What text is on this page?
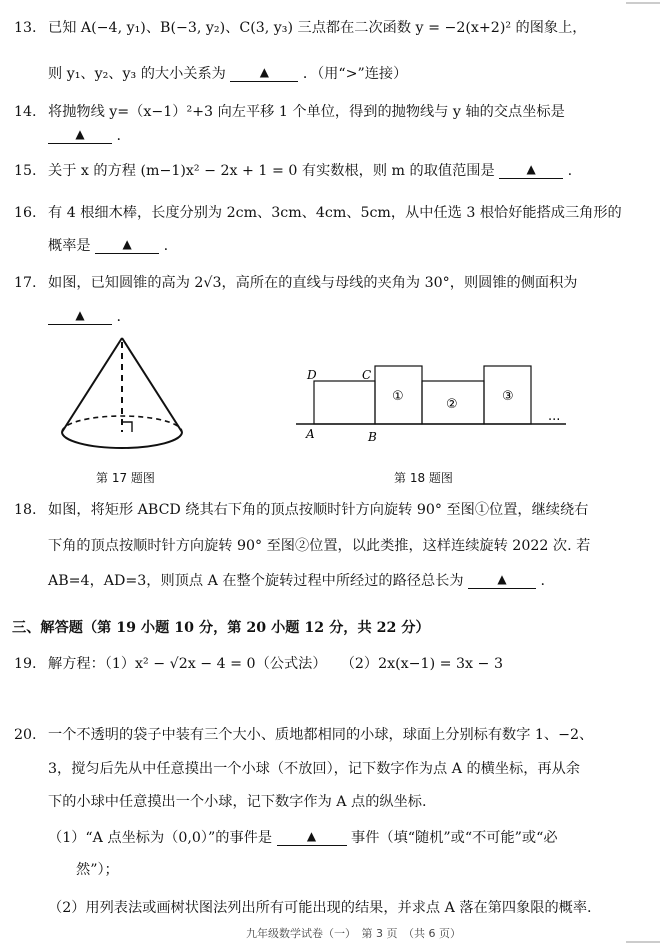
13. 已知 A(−4, y₁)、B(−3, y₂)、C(3, y₃) 三点都在二次函数 y = −2(x+2)² 的图象上，
则 y₁、y₂、y₃ 的大小关系为	▲ ．（用“>”连接）
14. 将抛物线 y=（x−1）²+3 向左平移 1 个单位，得到的抛物线与 y 轴的交点坐标是
▲ .
15. 关于 x 的方程 (m−1)x² − 2x + 1 = 0 有实数根，则 m 的取值范围是	▲ .
16. 有 4 根细木棒，长度分别为 2cm、3cm、4cm、5cm，从中任选 3 根恰好能搭成三角形的
概率是	▲ .
17. 如图，已知圆锥的高为 2√3，高所在的直线与母线的夹角为 30°，则圆锥的侧面积为
▲ .
第 17 题图
D	C
A	B
①
②
③
...
第 18 题图
18. 如图，将矩形 ABCD 绕其右下角的顶点按顺时针方向旋转 90° 至图①位置，继续绕右
下角的顶点按顺时针方向旋转 90° 至图②位置，以此类推，这样连续旋转 2022 次. 若
AB=4，AD=3，则顶点 A 在整个旋转过程中所经过的路径总长为	▲ .
三、解答题（第 19 小题 10 分，第 20 小题 12 分，共 22 分）
19. 解方程：（1）x² − √2x − 4 = 0（公式法）　　（2）2x(x−1) = 3x − 3
20. 一个不透明的袋子中装有三个大小、质地都相同的小球，球面上分别标有数字 1、−2、
3，搅匀后先从中任意摸出一个小球（不放回），记下数字作为点 A 的横坐标，再从余
下的小球中任意摸出一个小球，记下数字作为 A 点的纵坐标.
（1）“A 点坐标为（0,0）”的事件是	▲ 事件（填“随机”或“不可能”或“必
然”）；
（2）用列表法或画树状图法列出所有可能出现的结果，并求点 A 落在第四象限的概率.
九年级数学试卷（一）　第 3 页　（共 6 页）
